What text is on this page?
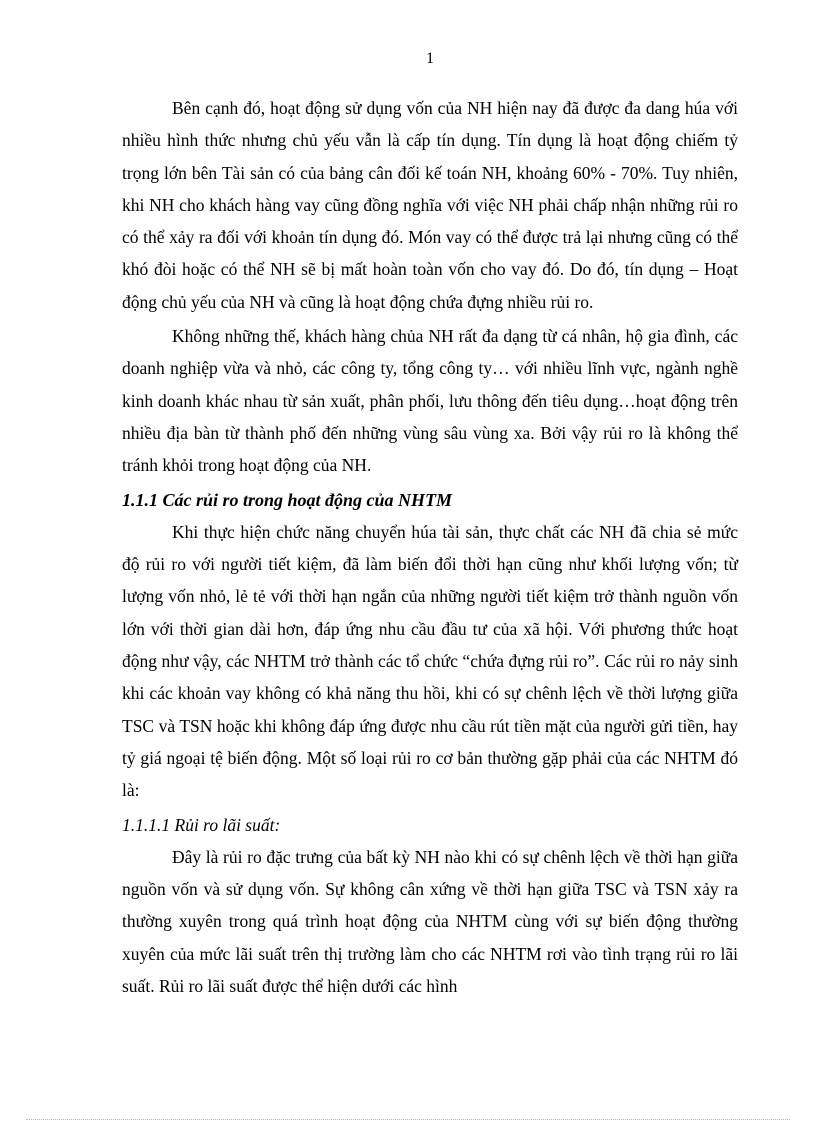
1

Bên cạnh đó, hoạt động sử dụng vốn của NH hiện nay đã được đa dang húa với nhiều hình thức nhưng chủ yếu vẫn là cấp tín dụng. Tín dụng là hoạt động chiếm tỷ trọng lớn bên Tài sản có của bảng cân đối kế toán NH, khoảng 60% - 70%. Tuy nhiên, khi NH cho khách hàng vay cũng đồng nghĩa với việc NH phải chấp nhận những rủi ro có thể xảy ra đối với khoản tín dụng đó. Món vay có thể được trả lại nhưng cũng có thể khó đòi hoặc có thể NH sẽ bị mất hoàn toàn vốn cho vay đó. Do đó, tín dụng – Hoạt động chủ yếu của NH và cũng là hoạt động chứa đựng nhiều rủi ro.

Không những thế, khách hàng chủa NH rất đa dạng từ cá nhân, hộ gia đình, các doanh nghiệp vừa và nhỏ, các công ty, tổng công ty… với nhiều lĩnh vực, ngành nghề kinh doanh khác nhau từ sản xuất, phân phối, lưu thông đến tiêu dụng…hoạt động trên nhiều địa bàn từ thành phố đến những vùng sâu vùng xa. Bởi vậy rủi ro là không thể tránh khỏi trong hoạt động của NH.

1.1.1 Các rủi ro trong hoạt động của NHTM

Khi thực hiện chức năng chuyển húa tài sản, thực chất các NH đã chia sẻ mức độ rủi ro với người tiết kiệm, đã làm biến đổi thời hạn cũng như khối lượng vốn; từ lượng vốn nhỏ, lẻ tẻ với thời hạn ngắn của những người tiết kiệm trở thành nguồn vốn lớn với thời gian dài hơn, đáp ứng nhu cầu đầu tư của xã hội. Với phương thức hoạt động như vậy, các NHTM trở thành các tổ chức “chứa đựng rủi ro”. Các rủi ro nảy sinh khi các khoản vay không có khả năng thu hồi, khi có sự chênh lệch về thời lượng giữa TSC và TSN hoặc khi không đáp ứng được nhu cầu rút tiền mặt của người gửi tiền, hay tỷ giá ngoại tệ biến động. Một số loại rủi ro cơ bản thường gặp phải của các NHTM đó là:

1.1.1.1 Rủi ro lãi suất:

Đây là rủi ro đặc trưng của bất kỳ NH nào khi có sự chênh lệch về thời hạn giữa nguồn vốn và sử dụng vốn. Sự không cân xứng về thời hạn giữa TSC và TSN xảy ra thường xuyên trong quá trình hoạt động của NHTM cùng với sự biến động thường xuyên của mức lãi suất trên thị trường làm cho các NHTM rơi vào tình trạng rủi ro lãi suất. Rủi ro lãi suất được thể hiện dưới các hình
